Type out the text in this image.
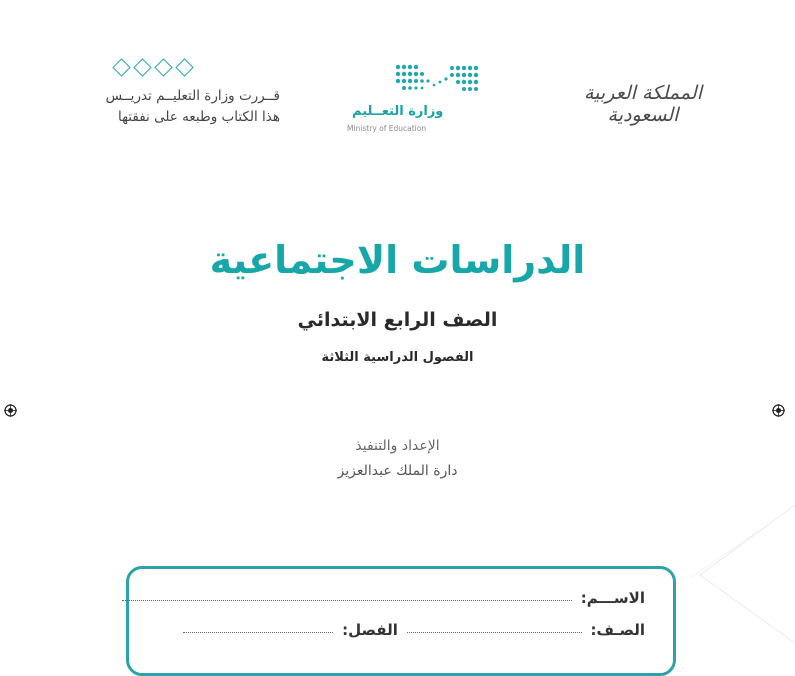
قــررت وزارة التعليــم تدريــس
هذا الكتاب وطبعه على نفقتها	وزارة التعــليم
Ministry of Education
المملكة العربية السعودية
الدراسات الاجتماعية
الصف الرابع الابتدائي
الفصول الدراسية الثلاثة
الإعداد والتنفيذ
دارة الملك عبدالعزيز
الاســـم:
الصـف:  الفصل:
